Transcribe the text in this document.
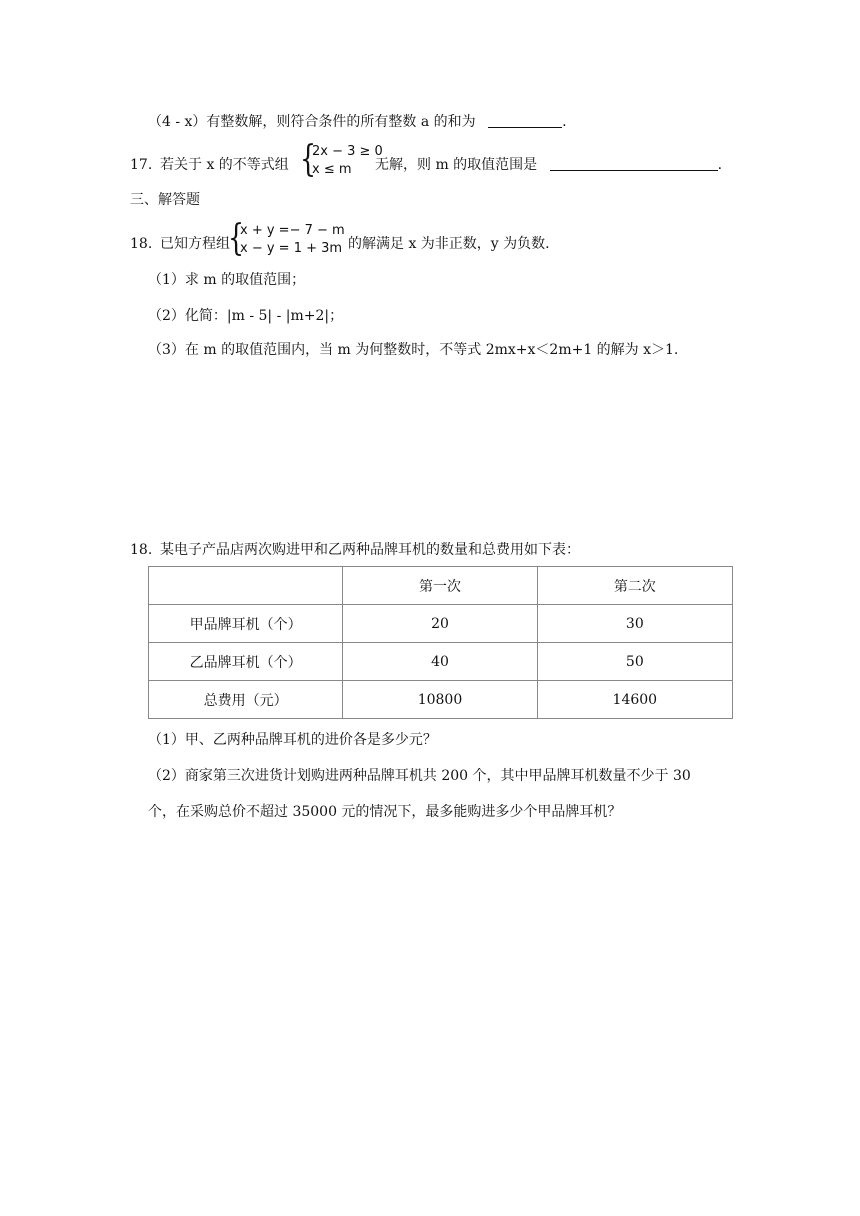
（4 - x）有整数解，则符合条件的所有整数 a 的和为	.
17. 若关于 x 的不等式组 {
2x − 3 ≥ 0
x ≤ m 无解，则 m 的取值范围是	.
三、解答题
18. 已知方程组
{
x + y =− 7 − m
x − y = 1 + 3m 的解满足 x 为非正数，y 为负数.
（1）求 m 的取值范围；
（2）化简：|m - 5| - |m+2|；
（3）在 m 的取值范围内，当 m 为何整数时，不等式 2mx+x＜2m+1 的解为 x＞1.
18. 某电子产品店两次购进甲和乙两种品牌耳机的数量和总费用如下表：
	第一次	第二次
甲品牌耳机（个）	20	30
乙品牌耳机（个）	40	50
总费用（元）	10800	14600
（1）甲、乙两种品牌耳机的进价各是多少元？
（2）商家第三次进货计划购进两种品牌耳机共 200 个，其中甲品牌耳机数量不少于 30
个，在采购总价不超过 35000 元的情况下，最多能购进多少个甲品牌耳机？
